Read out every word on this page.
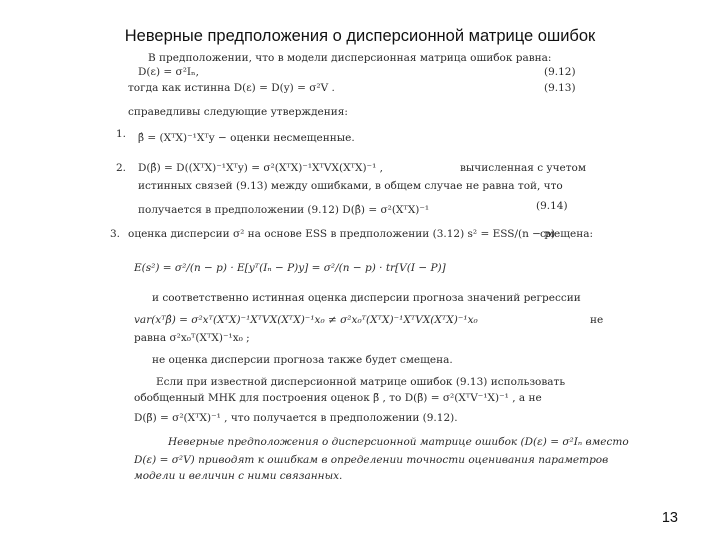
Неверные предположения о дисперсионной матрице ошибок
В предположении, что в модели дисперсионная матрица ошибок равна:
D(ε) = σ²Iₙ,	(9.12)
тогда как истинна D(ε) = D(y) = σ²V .	(9.13)
справедливы следующие утверждения:
1. β̂ = (XᵀX)⁻¹Xᵀy − оценки несмещенные.
2. D(β̂) = D((XᵀX)⁻¹Xᵀy) = σ²(XᵀX)⁻¹XᵀVX(XᵀX)⁻¹ ,	вычисленная с учетом
истинных связей (9.13) между ошибками, в общем случае не равна той, что
получается в предположении (9.12) D(β̂) = σ²(XᵀX)⁻¹	(9.14)
3. оценка дисперсии σ² на основе ESS в предположении (3.12) s² = ESS/(n − p)
смещена:
E(s²) = σ²/(n − p) · E[yᵀ(Iₙ − P)y] = σ²/(n − p) · tr[V(I − P)]
и соответственно истинная оценка дисперсии прогноза значений регрессии
var(xᵀβ̂) = σ²xᵀ(XᵀX)⁻¹XᵀVX(XᵀX)⁻¹x₀ ≠ σ²x₀ᵀ(XᵀX)⁻¹XᵀVX(XᵀX)⁻¹x₀	не
равна σ²x₀ᵀ(XᵀX)⁻¹x₀ ;
не оценка дисперсии прогноза также будет смещена.
Если при известной дисперсионной матрице ошибок (9.13) использовать
обобщенный МНК для построения оценок β̃ , то D(β̃) = σ²(XᵀV⁻¹X)⁻¹ , а не
D(β̃) = σ²(XᵀX)⁻¹ , что получается в предположении (9.12).
Неверные предположения о дисперсионной матрице ошибок (D(ε) = σ²Iₙ вместо
D(ε) = σ²V) приводят к ошибкам в определении точности оценивания параметров
модели и величин с ними связанных.
13
